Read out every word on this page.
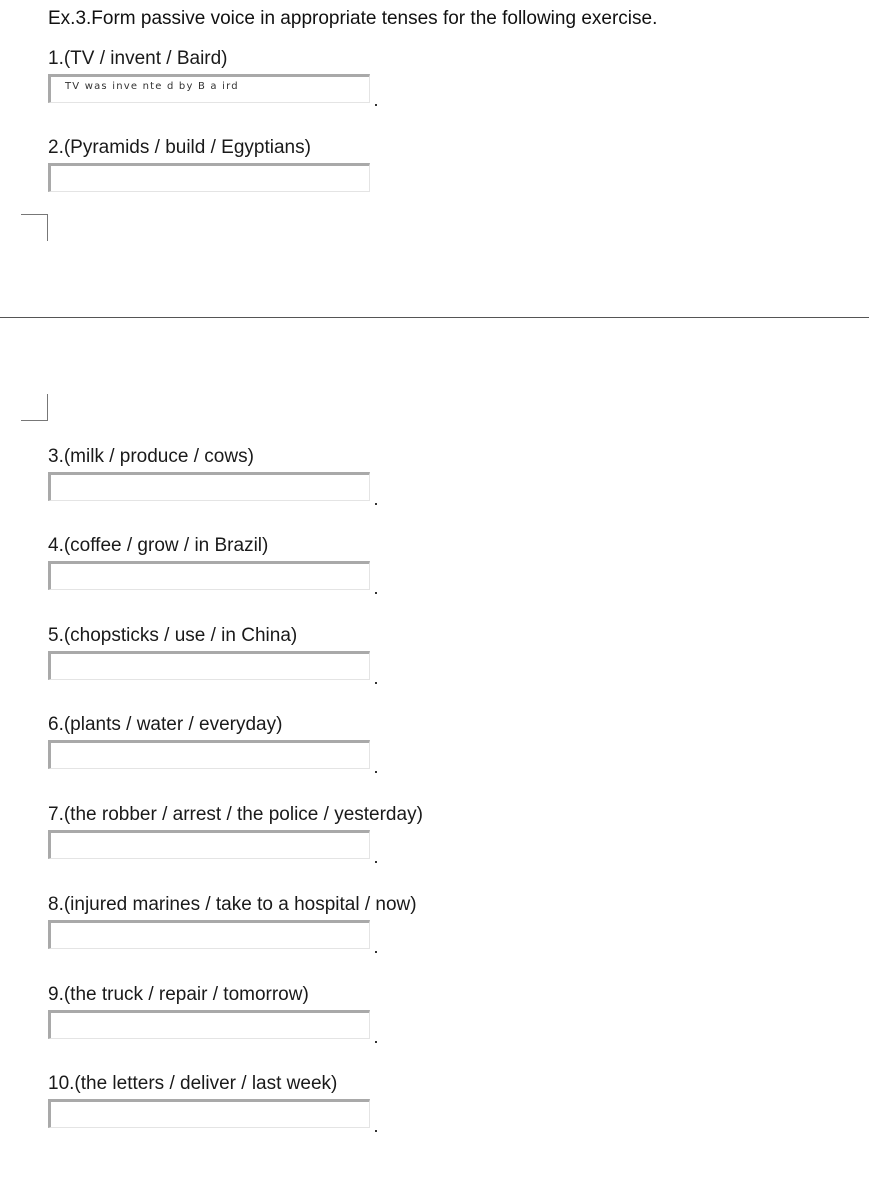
Ex.3.Form passive voice in appropriate tenses for the following exercise.
1.(TV / invent / Baird)
TV was inve nte d by B a ird
2.(Pyramids / build / Egyptians)
3.(milk / produce / cows)
4.(coffee / grow / in Brazil)
5.(chopsticks / use / in China)
6.(plants / water / everyday)
7.(the robber / arrest / the police / yesterday)
8.(injured marines / take to a hospital / now)
9.(the truck / repair / tomorrow)
10.(the letters / deliver / last week)
